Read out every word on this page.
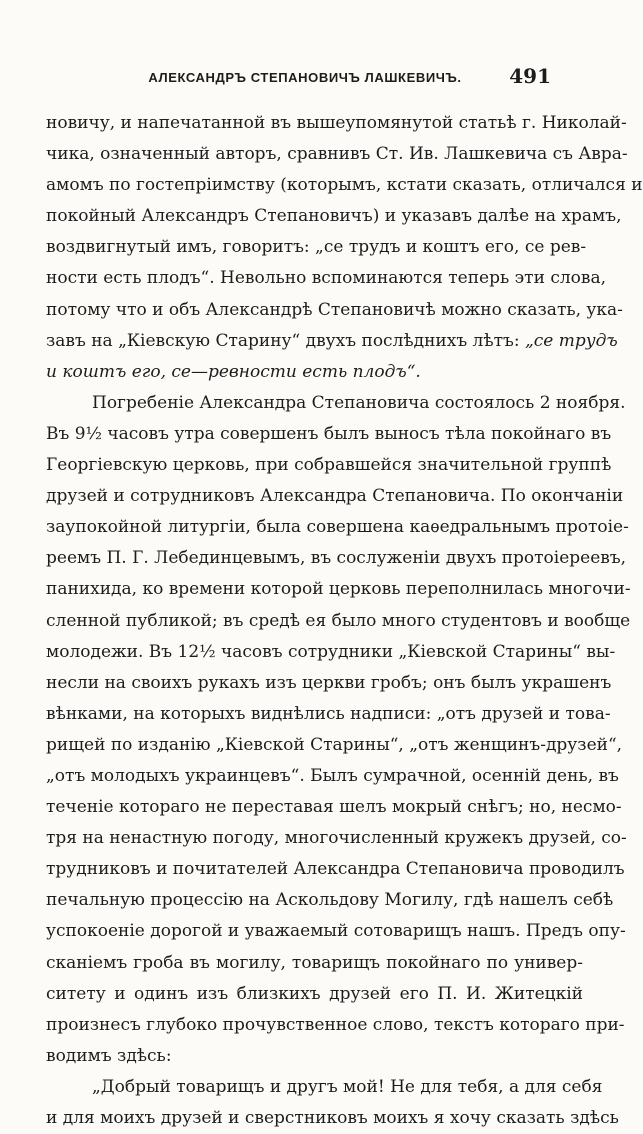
АЛЕКСАНДРЪ СТЕПАНОВИЧЪ ЛАШКЕВИЧЪ.	491
новичу, и напечатанной въ вышеупомянутой статьѣ г. Николай-
чика, означенный авторъ, сравнивъ Ст. Ив. Лашкевича съ Авра-
амомъ по гостепріимству (которымъ, кстати сказать, отличался и
покойный Александръ Степановичъ) и указавъ далѣе на храмъ,
воздвигнутый имъ, говоритъ: „се трудъ и коштъ его, се рев-
ности есть плодъ“. Невольно вспоминаются теперь эти слова,
потому что и объ Александрѣ Степановичѣ можно сказать, ука-
завъ на „Кіевскую Старину“ двухъ послѣднихъ лѣтъ: „се трудъ
и коштъ его, се—ревности есть плодъ“.
Погребеніе Александра Степановича состоялось 2 ноября.
Въ 9½ часовъ утра совершенъ былъ выносъ тѣла покойнаго въ
Георгіевскую церковь, при собравшейся значительной группѣ
друзей и сотрудниковъ Александра Степановича. По окончаніи
заупокойной литургіи, была совершена каѳедральнымъ протоіе-
реемъ П. Г. Лебединцевымъ, въ сослуженіи двухъ протоіереевъ,
панихида, ко времени которой церковь переполнилась многочи-
сленной публикой; въ средѣ ея было много студентовъ и вообще
молодежи. Въ 12½ часовъ сотрудники „Кіевской Старины“ вы-
несли на своихъ рукахъ изъ церкви гробъ; онъ былъ украшенъ
вѣнками, на которыхъ виднѣлись надписи: „отъ друзей и това-
рищей по изданію „Кіевской Старины“, „отъ женщинъ-друзей“,
„отъ молодыхъ украинцевъ“. Былъ сумрачной, осенній день, въ
теченіе котораго не переставая шелъ мокрый снѣгъ; но, несмо-
тря на ненастную погоду, многочисленный кружекъ друзей, со-
трудниковъ и почитателей Александра Степановича проводилъ
печальную процессію на Аскольдову Могилу, гдѣ нашелъ себѣ
успокоеніе дорогой и уважаемый сотоварищъ нашъ. Предъ опу-
сканіемъ гроба въ могилу, товарищъ покойнаго по универ-
ситету и одинъ изъ близкихъ друзей его П. И. Житецкій
произнесъ глубоко прочувственное слово, текстъ котораго при-
водимъ здѣсь:
„Добрый товарищъ и другъ мой! Не для тебя, а для себя
и для моихъ друзей и сверстниковъ моихъ я хочу сказать здѣсь
